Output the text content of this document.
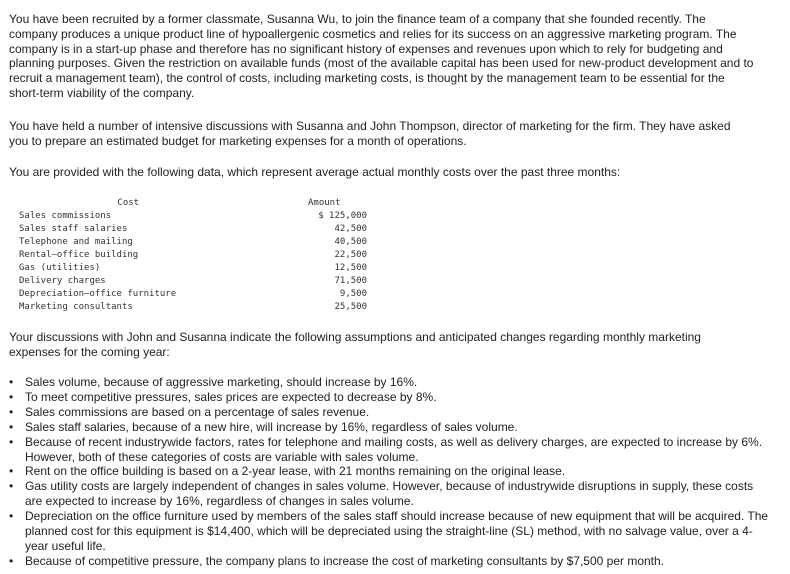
You have been recruited by a former classmate, Susanna Wu, to join the finance team of a company that she founded recently. The company produces a unique product line of hypoallergenic cosmetics and relies for its success on an aggressive marketing program. The company is in a start-up phase and therefore has no significant history of expenses and revenues upon which to rely for budgeting and planning purposes. Given the restriction on available funds (most of the available capital has been used for new-product development and to recruit a management team), the control of costs, including marketing costs, is thought by the management team to be essential for the short-term viability of the company.

You have held a number of intensive discussions with Susanna and John Thompson, director of marketing for the firm. They have asked you to prepare an estimated budget for marketing expenses for a month of operations.

You are provided with the following data, which represent average actual monthly costs over the past three months:

Cost	Amount
Sales commissions	$ 125,000
Sales staff salaries	42,500
Telephone and mailing	40,500
Rental—office building	22,500
Gas (utilities)	12,500
Delivery charges	71,500
Depreciation—office furniture	9,500
Marketing consultants	25,500

Your discussions with John and Susanna indicate the following assumptions and anticipated changes regarding monthly marketing expenses for the coming year:

• Sales volume, because of aggressive marketing, should increase by 16%.
• To meet competitive pressures, sales prices are expected to decrease by 8%.
• Sales commissions are based on a percentage of sales revenue.
• Sales staff salaries, because of a new hire, will increase by 16%, regardless of sales volume.
• Because of recent industrywide factors, rates for telephone and mailing costs, as well as delivery charges, are expected to increase by 6%. However, both of these categories of costs are variable with sales volume.
• Rent on the office building is based on a 2-year lease, with 21 months remaining on the original lease.
• Gas utility costs are largely independent of changes in sales volume. However, because of industrywide disruptions in supply, these costs are expected to increase by 16%, regardless of changes in sales volume.
• Depreciation on the office furniture used by members of the sales staff should increase because of new equipment that will be acquired. The planned cost for this equipment is $14,400, which will be depreciated using the straight-line (SL) method, with no salvage value, over a 4-year useful life.
• Because of competitive pressure, the company plans to increase the cost of marketing consultants by $7,500 per month.
